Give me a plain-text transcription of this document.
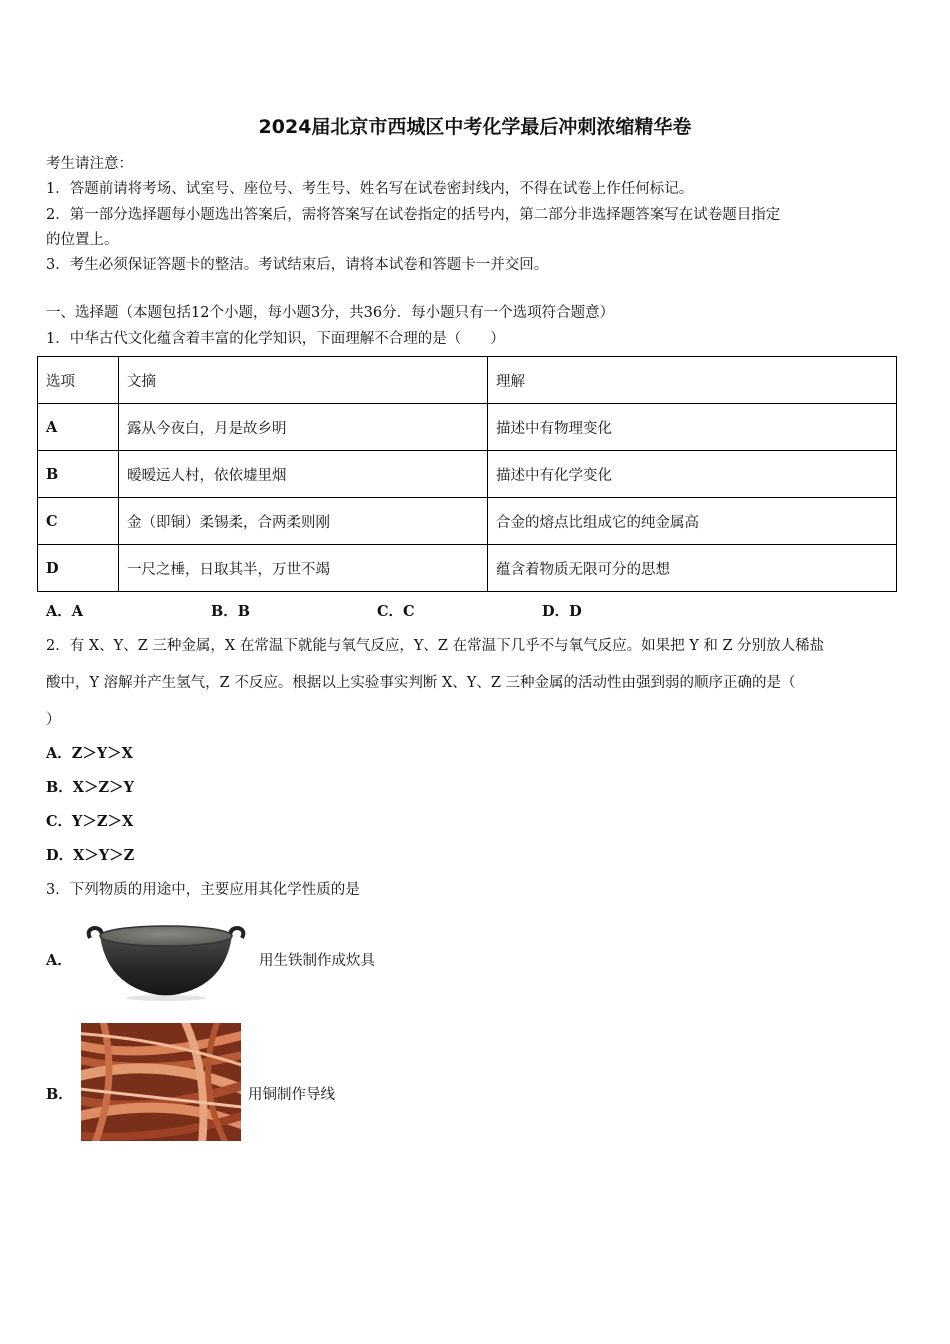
2024届北京市西城区中考化学最后冲刺浓缩精华卷
考生请注意：
1．答题前请将考场、试室号、座位号、考生号、姓名写在试卷密封线内，不得在试卷上作任何标记。
2．第一部分选择题每小题选出答案后，需将答案写在试卷指定的括号内，第二部分非选择题答案写在试卷题目指定
的位置上。
3．考生必须保证答题卡的整洁。考试结束后，请将本试卷和答题卡一并交回。
一、选择题（本题包括12个小题，每小题3分，共36分．每小题只有一个选项符合题意）
1．中华古代文化蕴含着丰富的化学知识，下面理解不合理的是（　　）
选项	文摘	理解
A	露从今夜白，月是故乡明	描述中有物理变化
B	暧暧远人村，依依墟里烟	描述中有化学变化
C	金（即铜）柔锡柔，合两柔则刚	合金的熔点比组成它的纯金属高
D	一尺之棰，日取其半，万世不竭	蕴含着物质无限可分的思想
A．A	B．B	C．C	D．D
2．有 X、Y、Z 三种金属，X 在常温下就能与氧气反应，Y、Z 在常温下几乎不与氧气反应。如果把 Y 和 Z 分别放人稀盐
酸中，Y 溶解并产生氢气，Z 不反应。根据以上实验事实判断 X、Y、Z 三种金属的活动性由强到弱的顺序正确的是（
）
A．Z＞Y＞X
B．X＞Z＞Y
C．Y＞Z＞X
D．X＞Y＞Z
3．下列物质的用途中，主要应用其化学性质的是
A．	用生铁制作成炊具
B．	用铜制作导线
